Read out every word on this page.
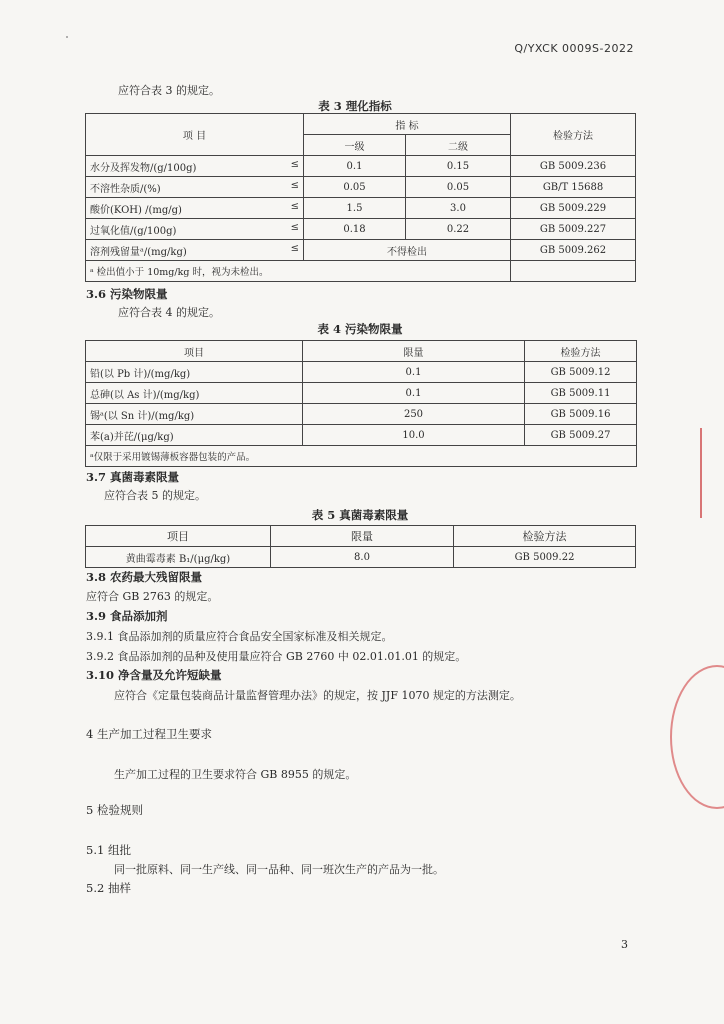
Q/YXCK 0009S-2022
应符合表 3 的规定。
表 3 理化指标
项 目	指 标		检验方法
	一级	二级	
水分及挥发物/(g/100g) ≤	0.1	0.15	GB 5009.236
不溶性杂质/(%) ≤	0.05	0.05	GB/T 15688
酸价(KOH) /(mg/g) ≤	1.5	3.0	GB 5009.229
过氧化值/(g/100g) ≤	0.18	0.22	GB 5009.227
溶剂残留量ᵃ/(mg/kg) ≤	不得检出		GB 5009.262
ᵃ 检出值小于 10mg/kg 时，视为未检出。			
3.6 污染物限量
应符合表 4 的规定。
表 4 污染物限量
项目	限量	检验方法
铅(以 Pb 计)/(mg/kg)	0.1	GB 5009.12
总砷(以 As 计)/(mg/kg)	0.1	GB 5009.11
锡ᵃ(以 Sn 计)/(mg/kg)	250	GB 5009.16
苯(a)并芘/(μg/kg)	10.0	GB 5009.27
ᵃ仅限于采用镀锡薄板容器包装的产品。		
3.7 真菌毒素限量
应符合表 5 的规定。
表 5 真菌毒素限量
项目	限量	检验方法
黄曲霉毒素 B₁/(μg/kg)	8.0	GB 5009.22
3.8 农药最大残留限量
应符合 GB 2763 的规定。
3.9 食品添加剂
3.9.1 食品添加剂的质量应符合食品安全国家标准及相关规定。
3.9.2 食品添加剂的品种及使用量应符合 GB 2760 中 02.01.01.01 的规定。
3.10 净含量及允许短缺量
应符合《定量包装商品计量监督管理办法》的规定，按 JJF 1070 规定的方法测定。
4 生产加工过程卫生要求
生产加工过程的卫生要求符合 GB 8955 的规定。
5 检验规则
5.1 组批
同一批原料、同一生产线、同一品种、同一班次生产的产品为一批。
5.2 抽样
3
